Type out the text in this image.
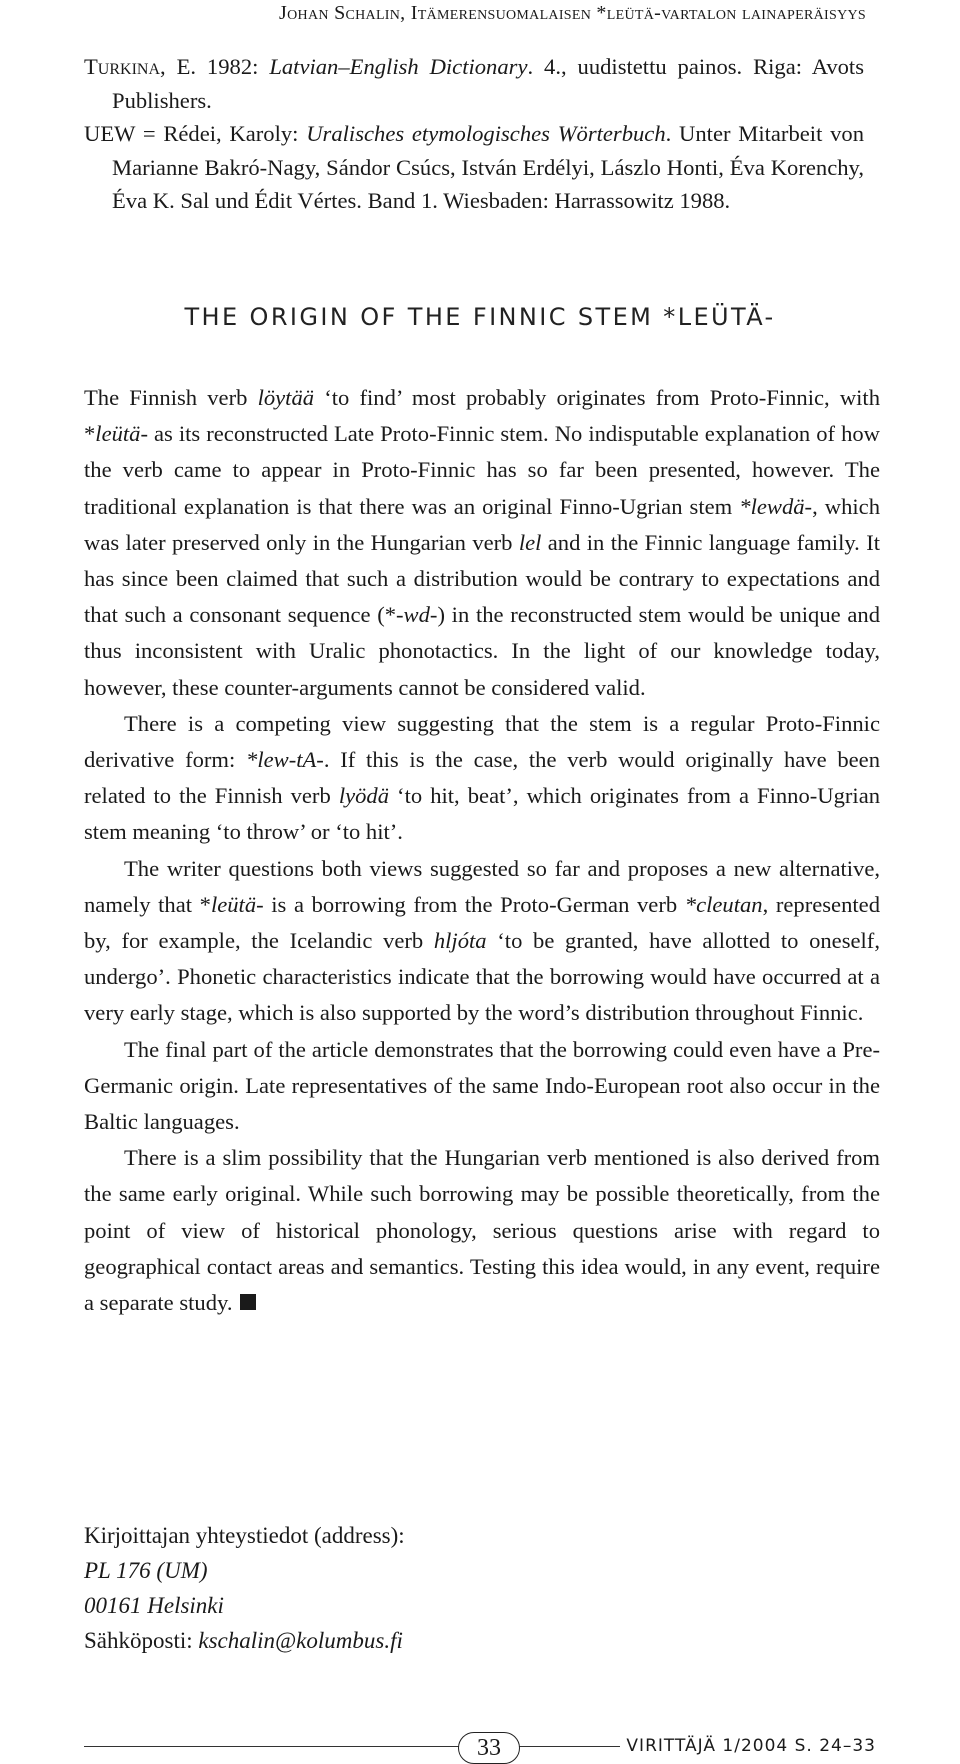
Johan Schalin, Itämerensuomalaisen *leütä-vartalon lainaperäisyys
Turkina, E. 1982: Latvian–English Dictionary. 4., uudistettu painos. Riga: Avots Publishers.
UEW = Rédei, Karoly: Uralisches etymologisches Wörterbuch. Unter Mitarbeit von Marianne Bakró-Nagy, Sándor Csúcs, István Erdélyi, Lászlo Honti, Éva Korenchy, Éva K. Sal und Édit Vértes. Band 1. Wiesbaden: Harrassowitz 1988.
THE ORIGIN OF THE FINNIC STEM *LEÜTÄ-

The Finnish verb löytää ‘to find’ most probably originates from Proto-Finnic, with *leütä- as its reconstructed Late Proto-Finnic stem. No indisputable explanation of how the verb came to appear in Proto-Finnic has so far been presented, however. The traditional explanation is that there was an original Finno-Ugrian stem *lewdä-, which was later preserved only in the Hungarian verb lel and in the Finnic language family. It has since been claimed that such a distribution would be contrary to expectations and that such a consonant sequence (*-wd-) in the reconstructed stem would be unique and thus inconsistent with Uralic phonotactics. In the light of our knowledge today, however, these counter-arguments cannot be considered valid.

There is a competing view suggesting that the stem is a regular Proto-Finnic derivative form: *lew-tA-. If this is the case, the verb would originally have been related to the Finnish verb lyödä ‘to hit, beat’, which originates from a Finno-Ugrian stem meaning ‘to throw’ or ‘to hit’.

The writer questions both views suggested so far and proposes a new alternative, namely that *leütä- is a borrowing from the Proto-German verb *cleutan, represented by, for example, the Icelandic verb hljóta ‘to be granted, have allotted to oneself, undergo’. Phonetic characteristics indicate that the borrowing would have occurred at a very early stage, which is also supported by the word’s distribution throughout Finnic.

The final part of the article demonstrates that the borrowing could even have a Pre-Germanic origin. Late representatives of the same Indo-European root also occur in the Baltic languages.

There is a slim possibility that the Hungarian verb mentioned is also derived from the same early original. While such borrowing may be possible theoretically, from the point of view of historical phonology, serious questions arise with regard to geographical contact areas and semantics. Testing this idea would, in any event, require a separate study.

Kirjoittajan yhteystiedot (address):
PL 176 (UM)
00161 Helsinki
Sähköposti: kschalin@kolumbus.fi
33	VIRITTÄJÄ 1/2004 S. 24–33
